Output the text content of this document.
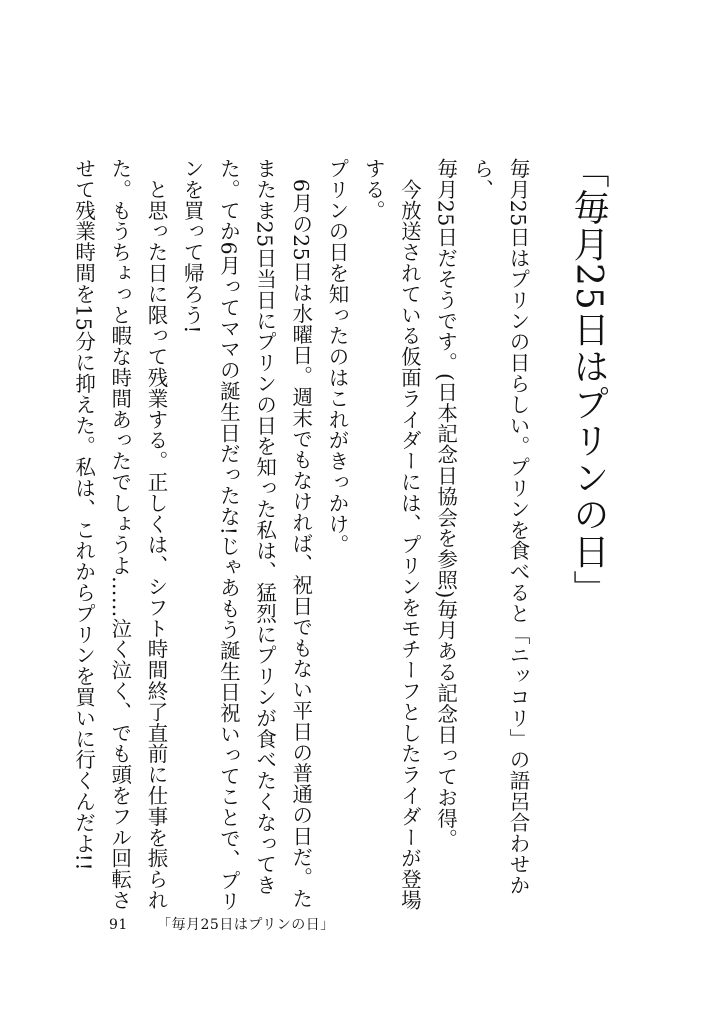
「毎月25日はプリンの日」

毎月25日はプリンの日らしい。プリンを食べると「ニッコリ」の語呂合わせから、

毎月25日だそうです。(日本記念日協会を参照)毎月ある記念日ってお得。

　今放送されている仮面ライダーには、プリンをモチーフとしたライダーが登場する。

プリンの日を知ったのはこれがきっかけ。

　6月の25日は水曜日。週末でもなければ、祝日でもない平日の普通の日だ。たまたま25日当日にプリンの日を知った私は、猛烈にプリンが食べたくなってきた。てか6月ってママの誕生日だったな!じゃあもう誕生日祝いってことで、プリンを買って帰ろう!

　と思った日に限って残業する。正しくは、シフト時間終了直前に仕事を振られた。もうちょっと暇な時間あったでしょうよ……泣く泣く、でも頭をフル回転させて残業時間を15分に抑えた。私は、これからプリンを買いに行くんだよ!!

91 「毎月25日はプリンの日」
